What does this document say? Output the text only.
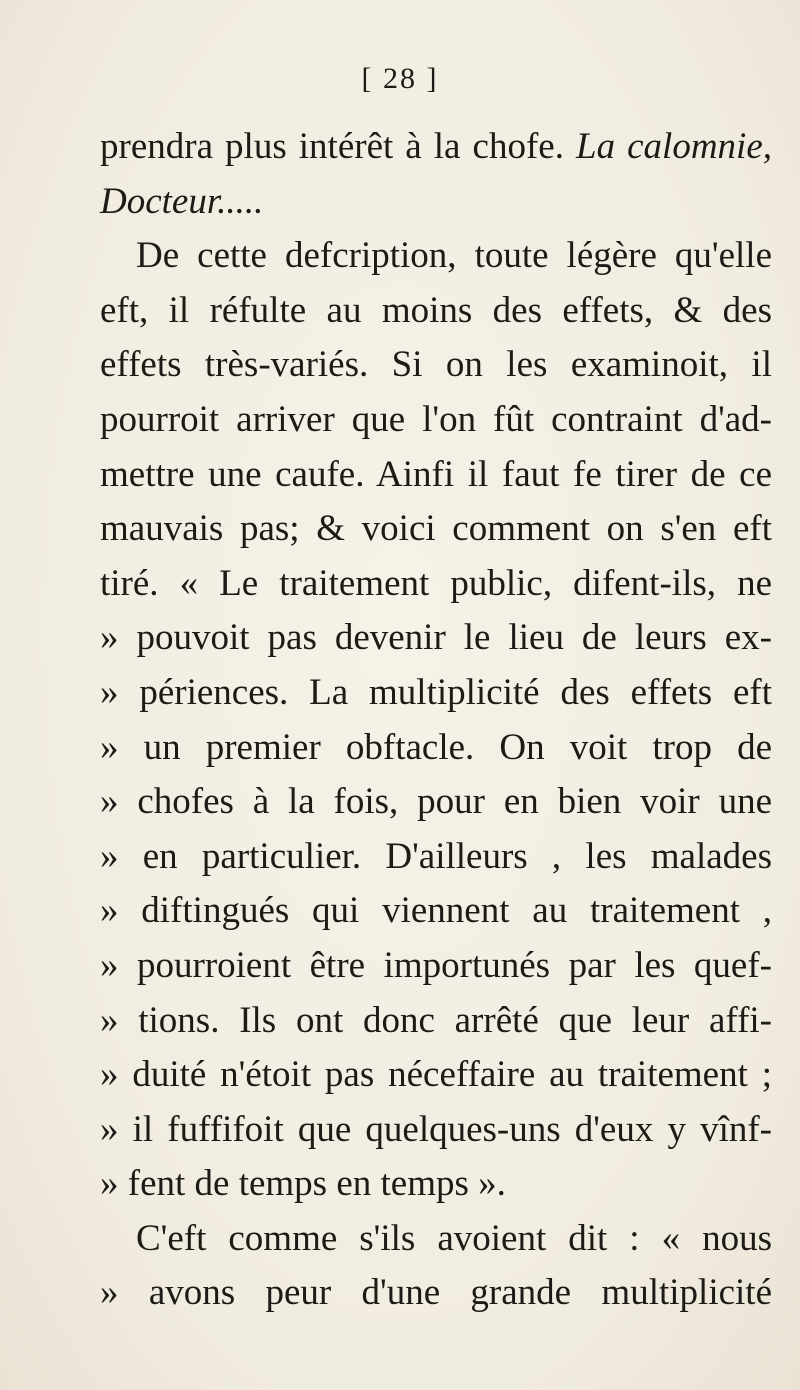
[ 28 ]
prendra plus intérêt à la chofe. La calomnie,
Docteur.....
De cette defcription, toute légère qu'elle
eft, il réfulte au moins des effets, & des
effets très-variés. Si on les examinoit, il
pourroit arriver que l'on fût contraint d'ad-
mettre une caufe. Ainfi il faut fe tirer de ce
mauvais pas; & voici comment on s'en eft
tiré. « Le traitement public, difent-ils, ne
» pouvoit pas devenir le lieu de leurs ex-
» périences. La multiplicité des effets eft
» un premier obftacle. On voit trop de
» chofes à la fois, pour en bien voir une
» en particulier. D'ailleurs , les malades
» diftingués qui viennent au traitement ,
» pourroient être importunés par les quef-
» tions. Ils ont donc arrêté que leur affi-
» duité n'étoit pas néceffaire au traitement ;
» il fuffifoit que quelques-uns d'eux y vînf-
» fent de temps en temps ».
C'eft comme s'ils avoient dit : « nous
» avons peur d'une grande multiplicité
